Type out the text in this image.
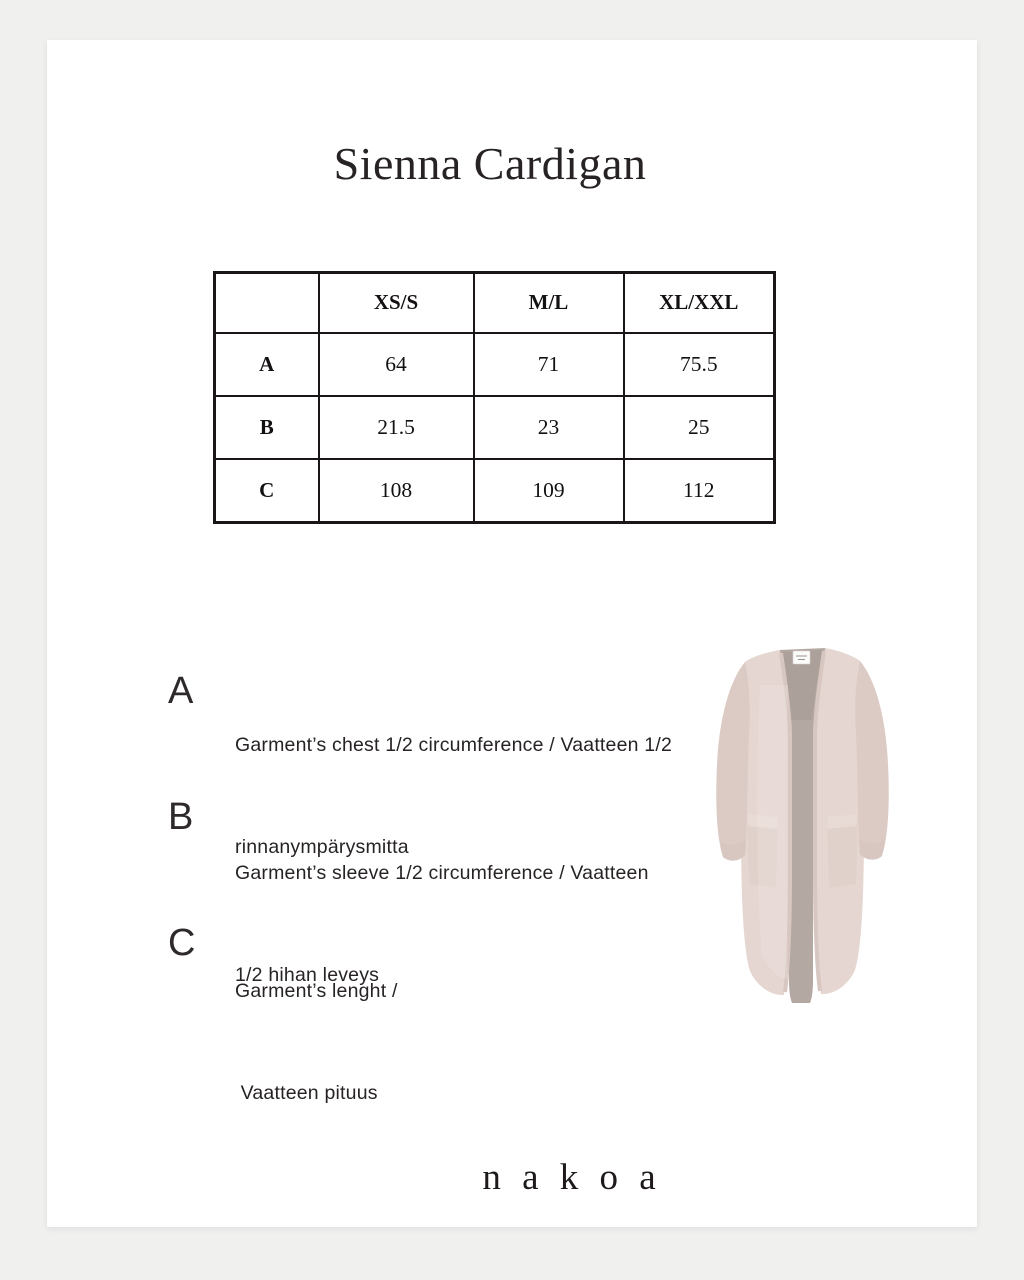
Sienna Cardigan
	XS/S	M/L	XL/XXL
A	64	71	75.5
B	21.5	23	25
C	108	109	112
A

Garment’s chest 1/2 circumference / Vaatteen 1/2

rinnanympärysmitta

B

Garment’s sleeve 1/2 circumference / Vaatteen

1/2 hihan leveys

C

Garment’s lenght /

Vaatteen pituus

n a k o a
